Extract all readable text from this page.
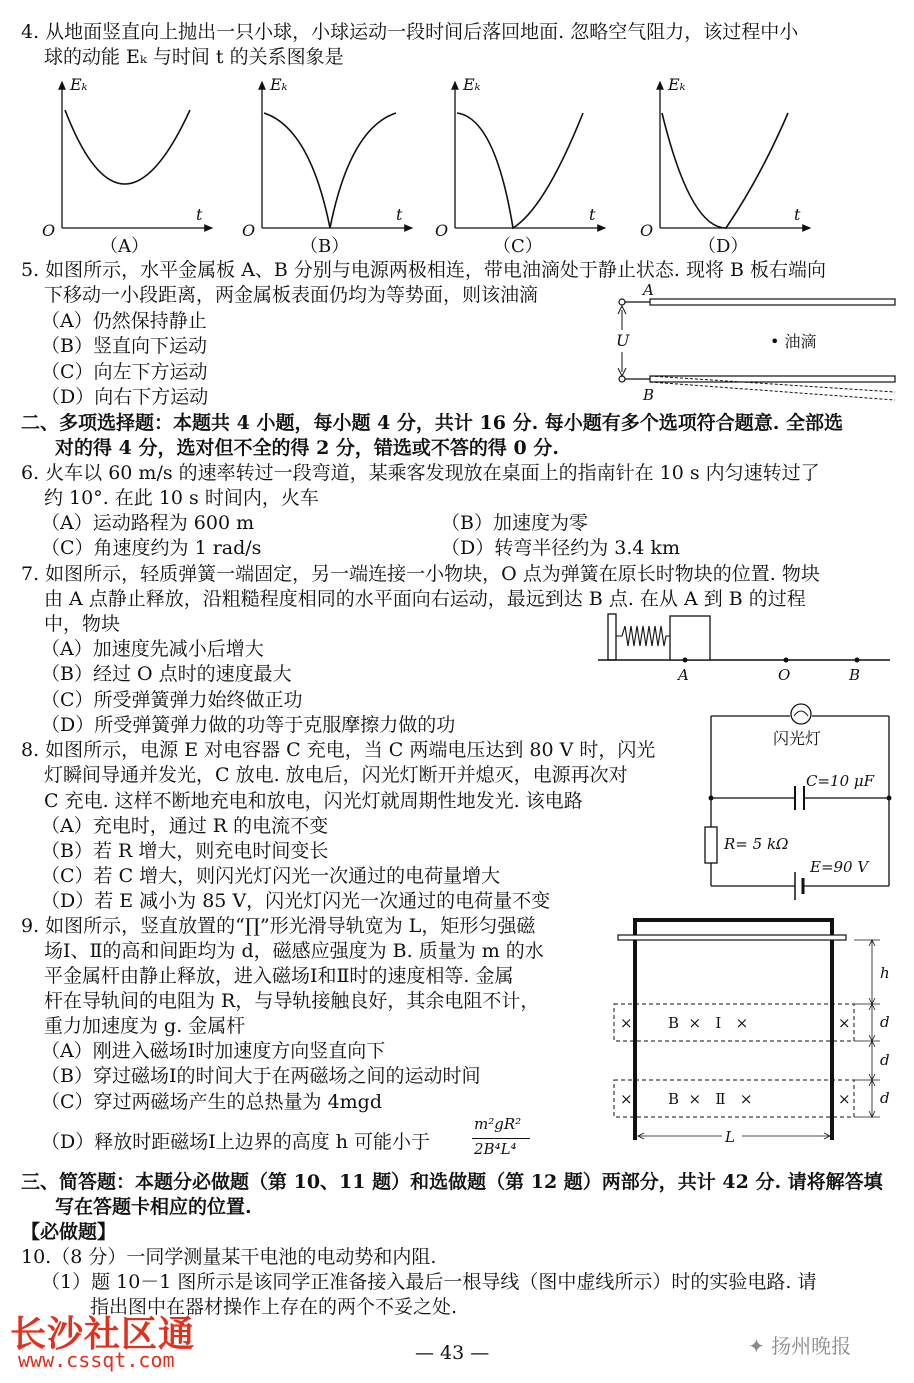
4. 从地面竖直向上抛出一只小球，小球运动一段时间后落回地面. 忽略空气阻力，该过程中小
球的动能 Eₖ 与时间 t 的关系图象是
Eₖ
t
O
（A）
Eₖ
t
O
（B）
Eₖ
t
O
（C）
Eₖ
t
O
（D）
5. 如图所示，水平金属板 A、B 分别与电源两极相连，带电油滴处于静止状态. 现将 B 板右端向
下移动一小段距离，两金属板表面仍均为等势面，则该油滴
（A）仍然保持静止
（B）竖直向下运动
（C）向左下方运动
（D）向右下方运动
U
A
B
• 油滴
二、多项选择题：本题共 4 小题，每小题 4 分，共计 16 分. 每小题有多个选项符合题意. 全部选
对的得 4 分，选对但不全的得 2 分，错选或不答的得 0 分.
6. 火车以 60 m/s 的速率转过一段弯道，某乘客发现放在桌面上的指南针在 10 s 内匀速转过了
约 10°. 在此 10 s 时间内，火车
（A）运动路程为 600 m	（B）加速度为零
（C）角速度约为 1 rad/s	（D）转弯半径约为 3.4 km
7. 如图所示，轻质弹簧一端固定，另一端连接一小物块，O 点为弹簧在原长时物块的位置. 物块
由 A 点静止释放，沿粗糙程度相同的水平面向右运动，最远到达 B 点. 在从 A 到 B 的过程
中，物块
（A）加速度先减小后增大
（B）经过 O 点时的速度最大
（C）所受弹簧弹力始终做正功
（D）所受弹簧弹力做的功等于克服摩擦力做的功
A	O	B
8. 如图所示，电源 E 对电容器 C 充电，当 C 两端电压达到 80 V 时，闪光
灯瞬间导通并发光，C 放电. 放电后，闪光灯断开并熄灭，电源再次对
C 充电. 这样不断地充电和放电，闪光灯就周期性地发光. 该电路
（A）充电时，通过 R 的电流不变
（B）若 R 增大，则充电时间变长
（C）若 C 增大，则闪光灯闪光一次通过的电荷量增大
（D）若 E 减小为 85 V，闪光灯闪光一次通过的电荷量不变
闪光灯
C=10 μF
R= 5 kΩ
E=90 V
9. 如图所示，竖直放置的“∏”形光滑导轨宽为 L，矩形匀强磁
场Ⅰ、Ⅱ的高和间距均为 d，磁感应强度为 B. 质量为 m 的水
平金属杆由静止释放，进入磁场Ⅰ和Ⅱ时的速度相等. 金属
杆在导轨间的电阻为 R，与导轨接触良好，其余电阻不计，
重力加速度为 g. 金属杆
（A）刚进入磁场Ⅰ时加速度方向竖直向下
（B）穿过磁场Ⅰ的时间大于在两磁场之间的运动时间
（C）穿过两磁场产生的总热量为 4mgd
（D）释放时距磁场Ⅰ上边界的高度 h 可能小于
m²gR²
2B⁴L⁴
× B  ×   Ⅰ   ×	×
× B  ×   Ⅱ   ×	×
h
d
d
d
L
三、简答题：本题分必做题（第 10、11 题）和选做题（第 12 题）两部分，共计 42 分. 请将解答填
写在答题卡相应的位置.
【必做题】
10.（8 分）一同学测量某干电池的电动势和内阻.
（1）题 10－1 图所示是该同学正准备接入最后一根导线（图中虚线所示）时的实验电路. 请
指出图中在器材操作上存在的两个不妥之处.
— 43 —
长沙社区通
www.cssqt.com
✦ 扬州晚报
